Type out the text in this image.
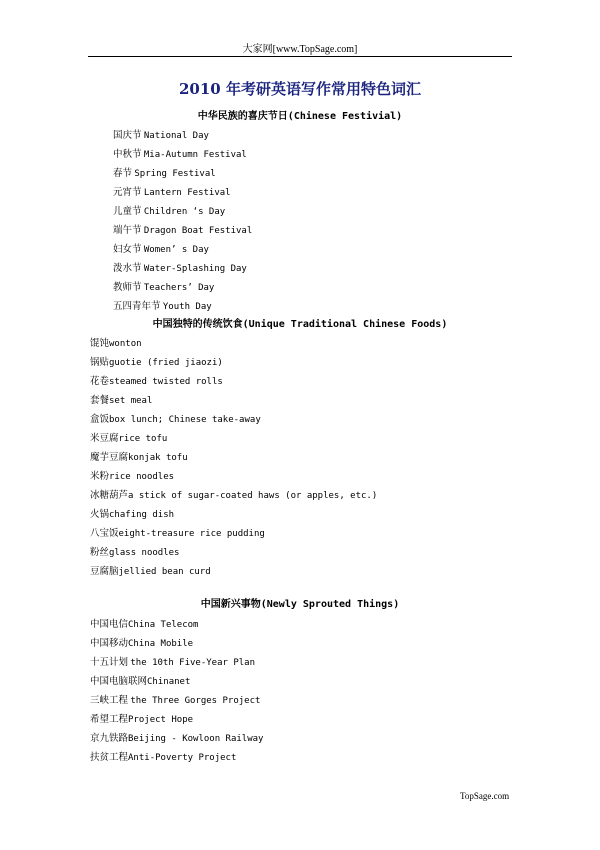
大家网[www.TopSage.com]
2010 年考研英语写作常用特色词汇
中华民族的喜庆节日(Chinese Festivial)
国庆节 National Day
中秋节 Mia-Autumn Festival
春节 Spring Festival
元宵节 Lantern Festival
儿童节 Children ‘s Day
端午节 Dragon Boat Festival
妇女节 Women’ s Day
泼水节 Water-Splashing Day
教师节 Teachers’ Day
五四青年节 Youth Day
中国独特的传统饮食(Unique Traditional Chinese Foods)
馄饨wonton
锅贴guotie (fried jiaozi)
花卷steamed twisted rolls
套餐set meal
盒饭box lunch; Chinese take-away
米豆腐rice tofu
魔芋豆腐konjak tofu
米粉rice noodles
冰糖葫芦a stick of sugar-coated haws (or apples, etc.)
火锅chafing dish
八宝饭eight-treasure rice pudding
粉丝glass noodles
豆腐脑jellied bean curd
中国新兴事物(Newly Sprouted Things)
中国电信China Telecom
中国移动China Mobile
十五计划 the 10th Five-Year Plan
中国电脑联网Chinanet
三峡工程 the Three Gorges Project
希望工程Project Hope
京九铁路Beijing - Kowloon Railway
扶贫工程Anti-Poverty Project
TopSage.com
